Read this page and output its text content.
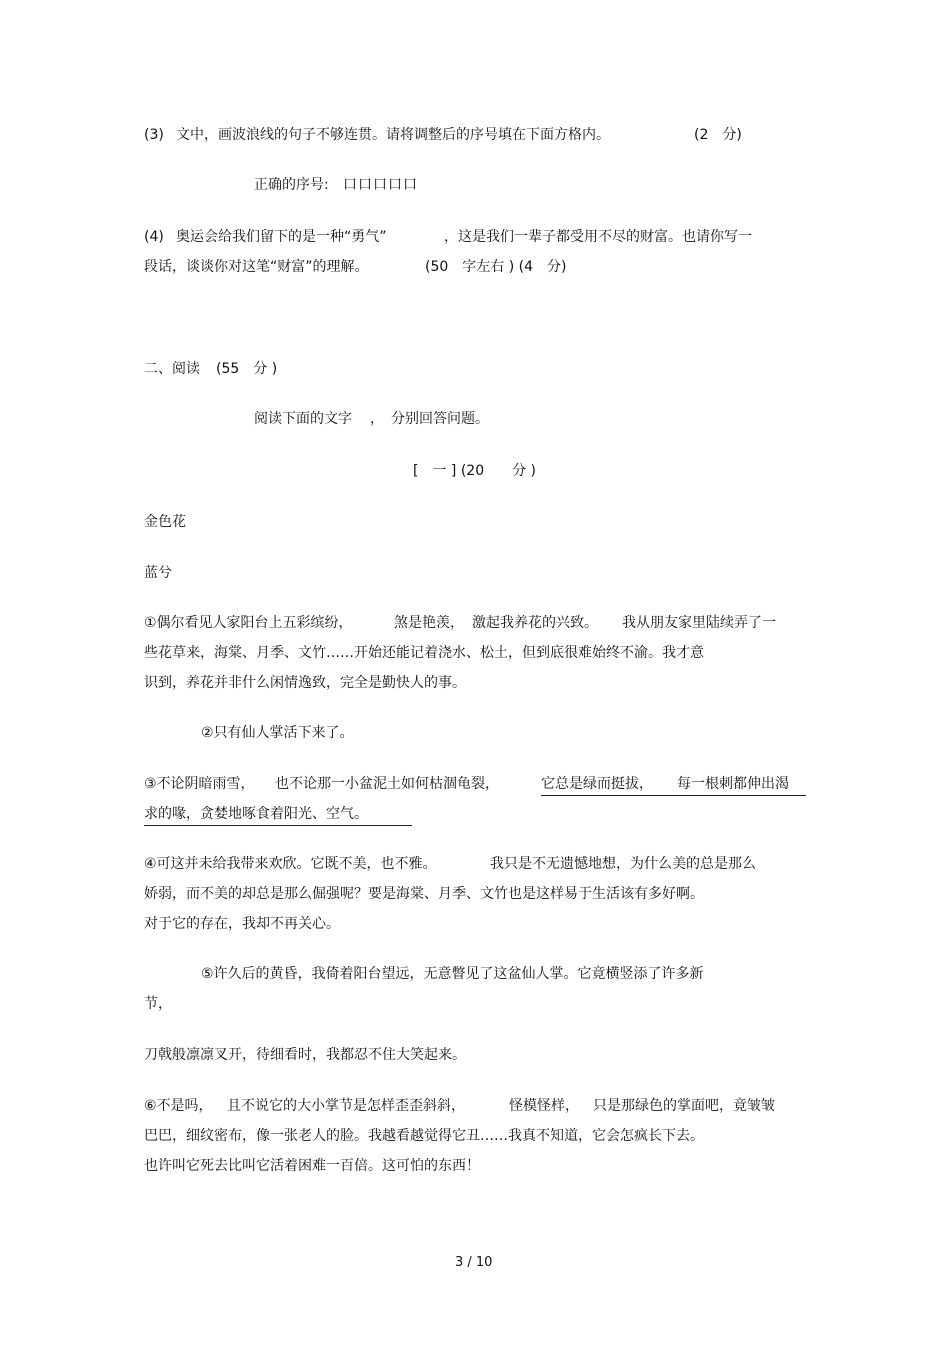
(3) 文中，画波浪线的句子不够连贯。请将调整后的序号填在下面方格内。	(2　分)
正确的序号: 口口口口口
(4) 奥运会给我们留下的是一种“勇气”	，这是我们一辈子都受用不尽的财富。也请你写一
段话，谈谈你对这笔“财富”的理解。	(50　字左右 ) (4　分)
二、阅读 (55　分 )
阅读下面的文字 ，　分别回答问题。
[　一 ] (20　　分 )
金色花
蓝兮
①偶尔看见人家阳台上五彩缤纷，	煞是艳羡， 激起我养花的兴致。 我从朋友家里陆续弄了一
些花草来，海棠、月季、文竹……开始还能记着浇水、松土，但到底很难始终不渝。我才意
识到，养花并非什么闲情逸致，完全是勤快人的事。
②只有仙人掌活下来了。
③不论阴暗雨雪， 也不论那一小盆泥土如何枯涸龟裂，	它总是绿而挺拔， 每一根刺都伸出渴
求的喙，贪婪地啄食着阳光、空气。
④可这并未给我带来欢欣。它既不美，也不雅。	我只是不无遗憾地想，为什么美的总是那么
娇弱，而不美的却总是那么倔强呢？要是海棠、月季、文竹也是这样易于生活该有多好啊。
对于它的存在，我却不再关心。
⑤许久后的黄昏，我倚着阳台望远，无意瞥见了这盆仙人掌。它竟横竖添了许多新
节，
刀戟般凛凛叉开，待细看时，我都忍不住大笑起来。
⑥不是吗， 且不说它的大小掌节是怎样歪歪斜斜，	怪模怪样， 只是那绿色的掌面吧，竟皱皱
巴巴，细纹密布，像一张老人的脸。我越看越觉得它丑……我真不知道，它会怎疯长下去。
也许叫它死去比叫它活着困难一百倍。这可怕的东西！
3 / 10
